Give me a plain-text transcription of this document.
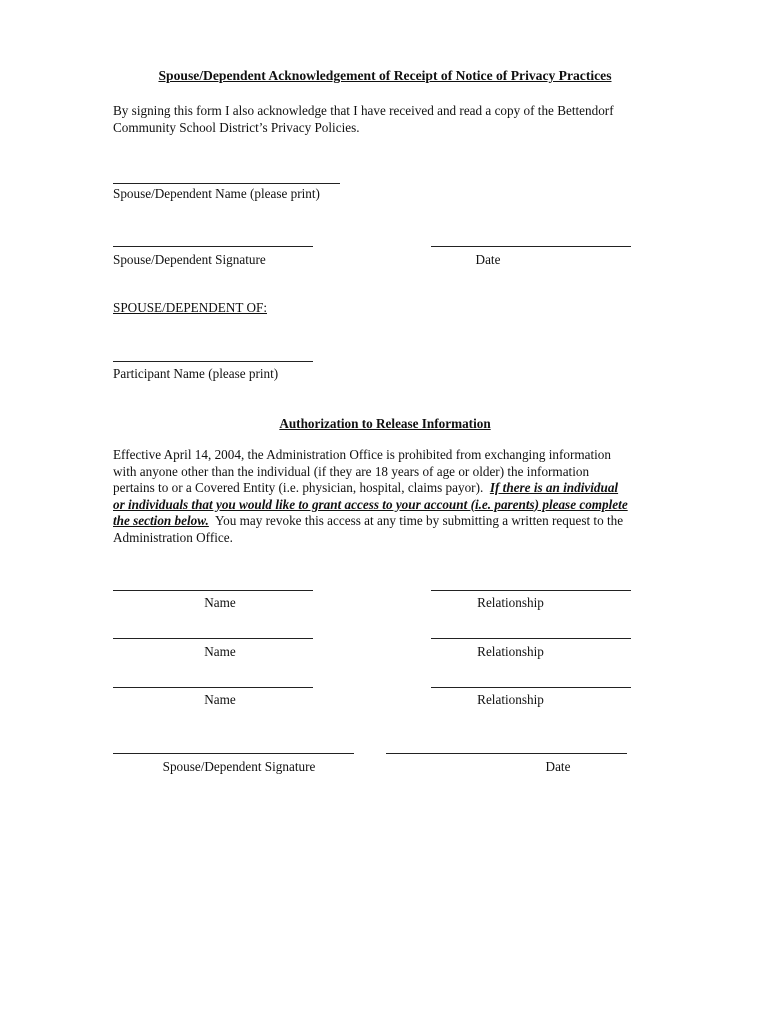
Spouse/Dependent Acknowledgement of Receipt of Notice of Privacy Practices
By signing this form I also acknowledge that I have received and read a copy of the Bettendorf
Community School District’s Privacy Policies.
Spouse/Dependent Name (please print)
Spouse/Dependent Signature	Date
SPOUSE/DEPENDENT OF:
Participant Name (please print)
Authorization to Release Information
Effective April 14, 2004, the Administration Office is prohibited from exchanging information
with anyone other than the individual (if they are 18 years of age or older) the information
pertains to or a Covered Entity (i.e. physician, hospital, claims payor).  If there is an individual
or individuals that you would like to grant access to your account (i.e. parents) please complete
the section below.  You may revoke this access at any time by submitting a written request to the
Administration Office.
Name	Relationship
Name	Relationship
Name	Relationship
Spouse/Dependent Signature	Date
